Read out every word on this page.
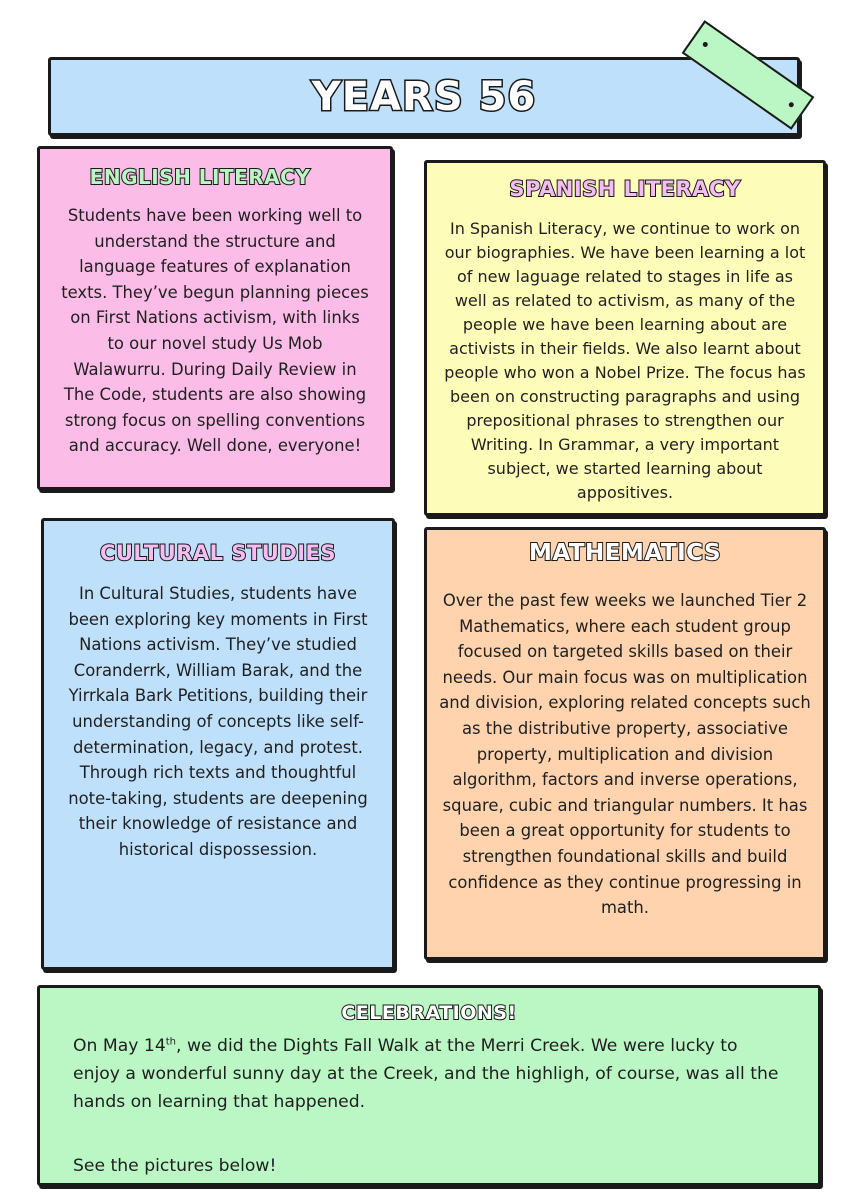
YEARS 56
ENGLISH LITERACY

Students have been working well to understand the structure and language features of explanation texts. They’ve begun planning pieces on First Nations activism, with links to our novel study Us Mob Walawurru. During Daily Review in The Code, students are also showing strong focus on spelling conventions and accuracy. Well done, everyone!

SPANISH LITERACY

In Spanish Literacy, we continue to work on our biographies. We have been learning a lot of new laguage related to stages in life as well as related to activism, as many of the people we have been learning about are activists in their fields. We also learnt about people who won a Nobel Prize. The focus has been on constructing paragraphs and using prepositional phrases to strengthen our Writing. In Grammar, a very important subject, we started learning about appositives.

CULTURAL STUDIES

In Cultural Studies, students have been exploring key moments in First Nations activism. They’ve studied Coranderrk, William Barak, and the Yirrkala Bark Petitions, building their understanding of concepts like self-determination, legacy, and protest. Through rich texts and thoughtful note-taking, students are deepening their knowledge of resistance and historical dispossession.

MATHEMATICS

Over the past few weeks we launched Tier 2 Mathematics, where each student group focused on targeted skills based on their needs. Our main focus was on multiplication and division, exploring related concepts such as the distributive property, associative property, multiplication and division algorithm, factors and inverse operations, square, cubic and triangular numbers. It has been a great opportunity for students to strengthen foundational skills and build confidence as they continue progressing in math.

CELEBRATIONS!

On May 14th, we did the Dights Fall Walk at the Merri Creek. We were lucky to enjoy a wonderful sunny day at the Creek, and the highligh, of course, was all the hands on learning that happened.

See the pictures below!
